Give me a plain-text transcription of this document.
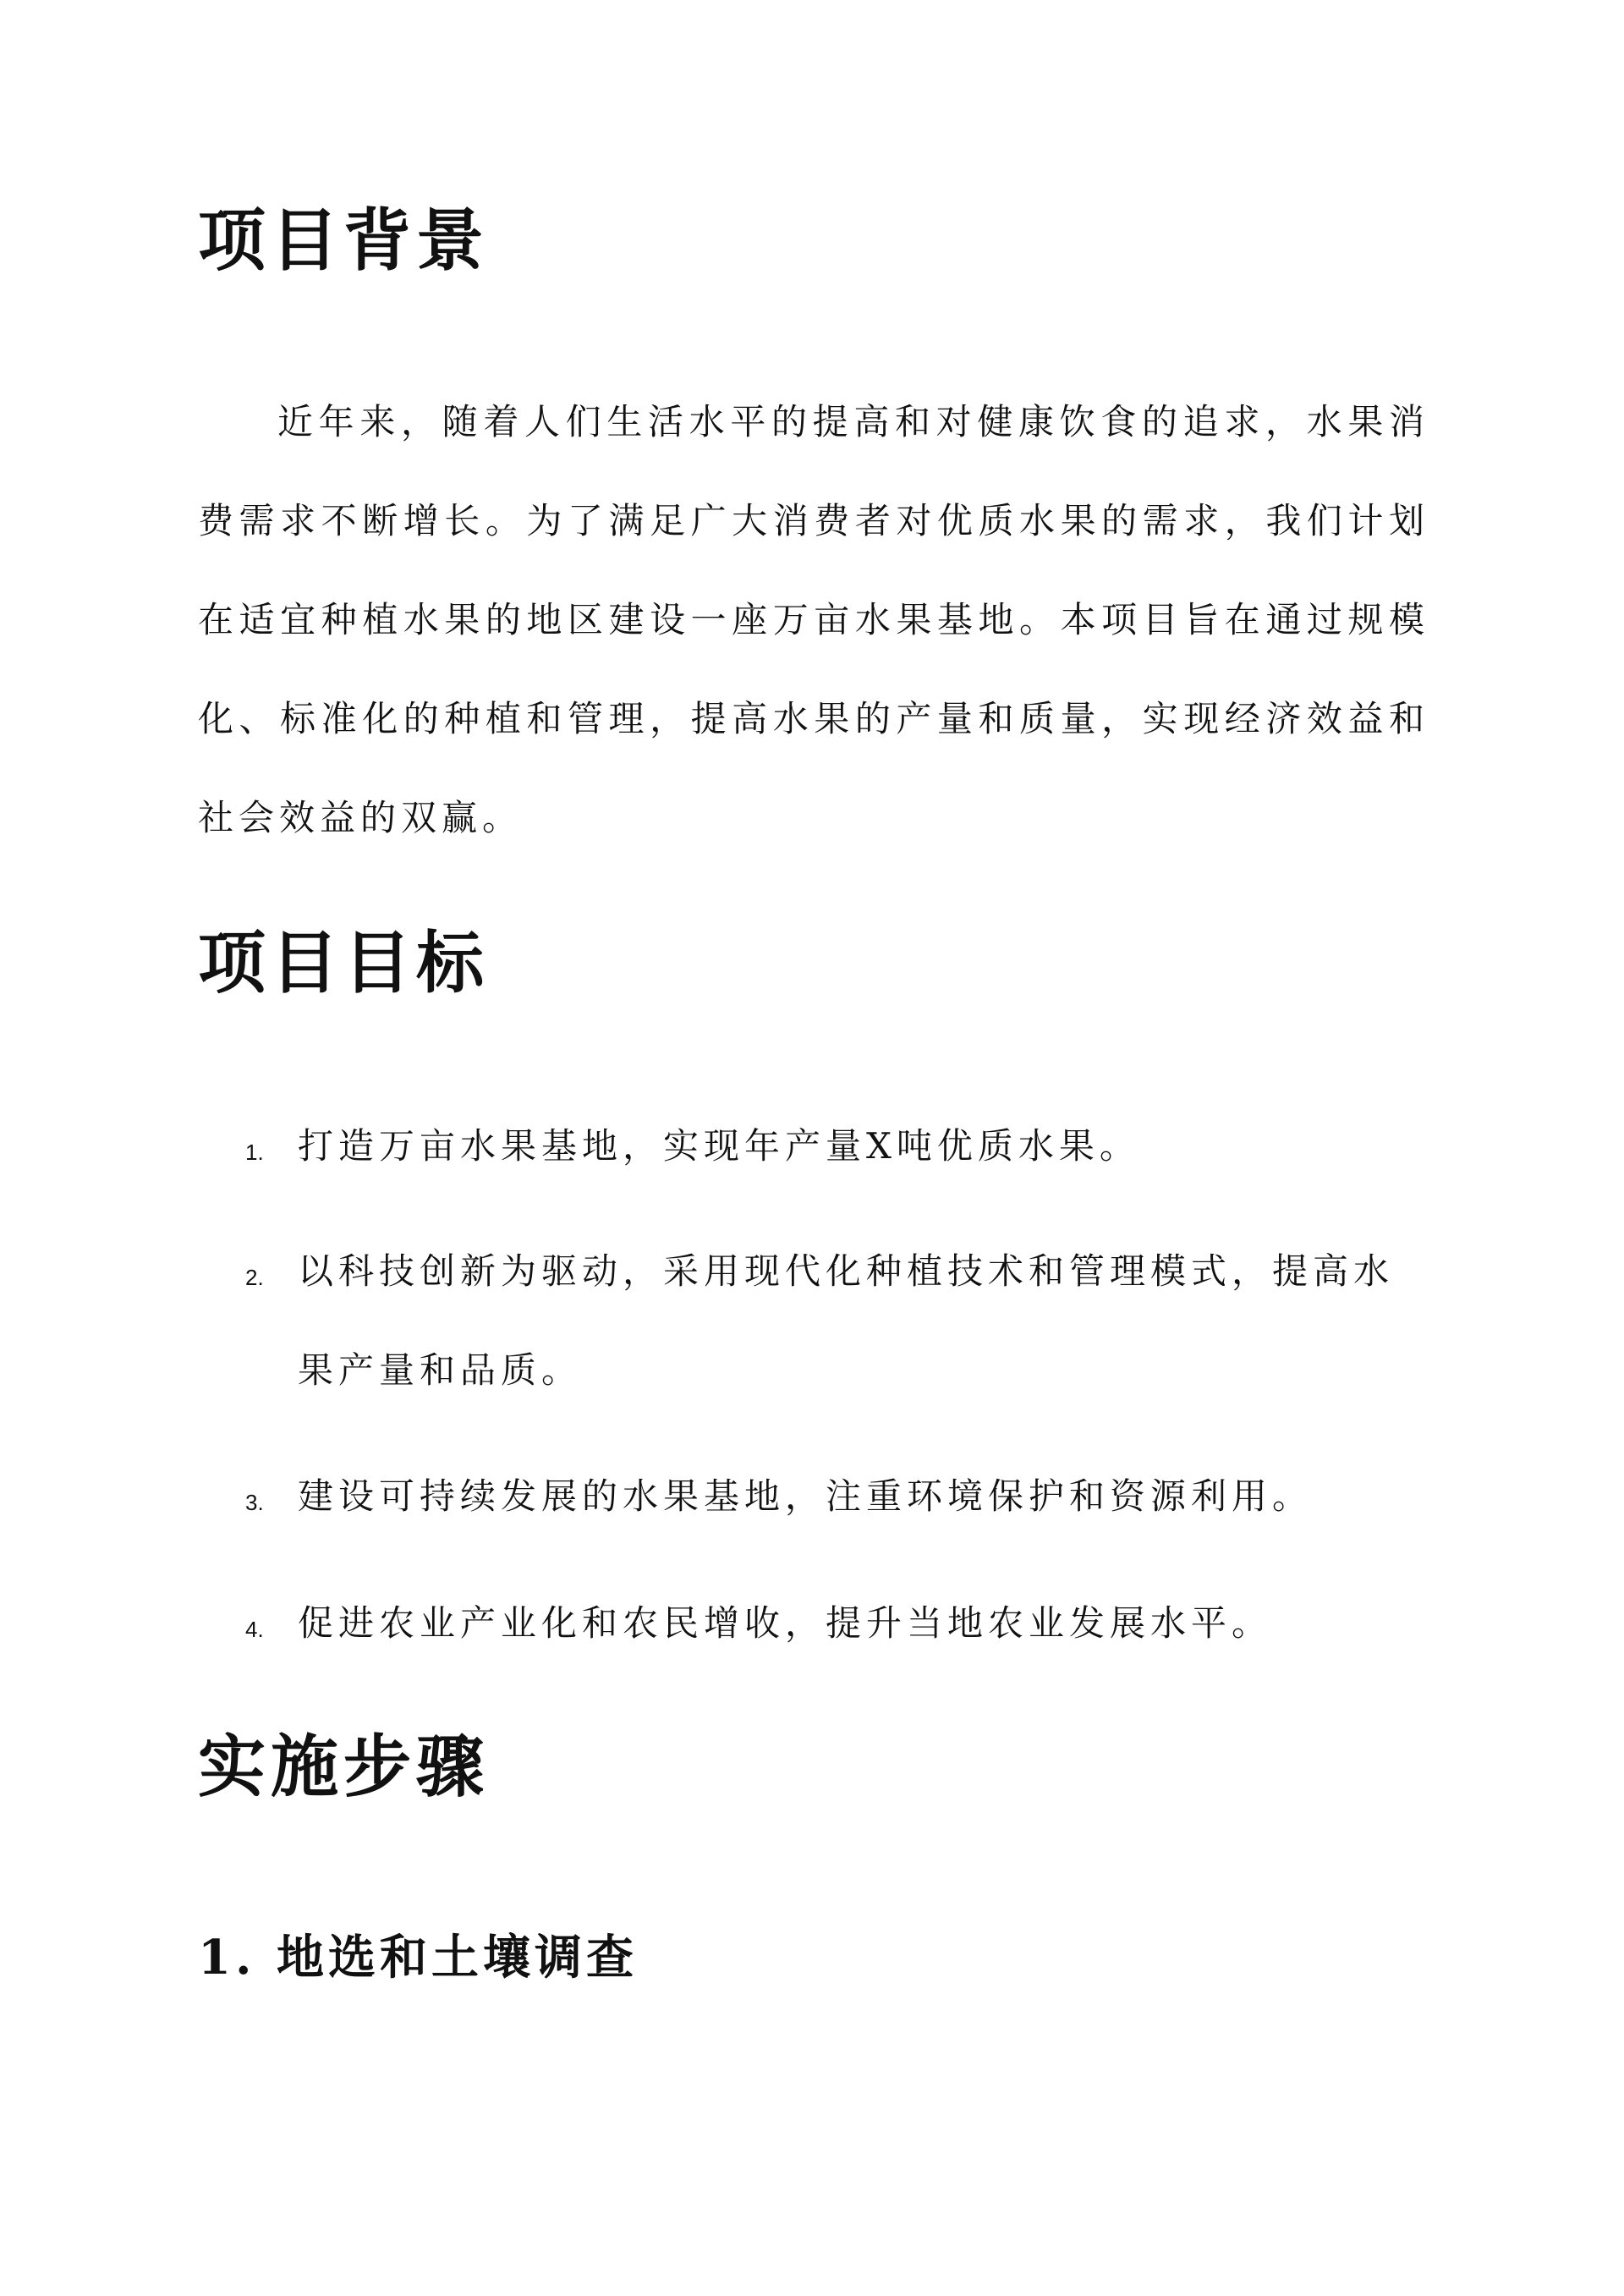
项目背景

近年来，随着人们生活水平的提高和对健康饮食的追求，水果消费需求不断增长。为了满足广大消费者对优质水果的需求，我们计划在适宜种植水果的地区建设一座万亩水果基地。本项目旨在通过规模化、标准化的种植和管理，提高水果的产量和质量，实现经济效益和社会效益的双赢。

项目目标
1. 打造万亩水果基地，实现年产量X吨优质水果。
2. 以科技创新为驱动，采用现代化种植技术和管理模式，提高水果产量和品质。
3. 建设可持续发展的水果基地，注重环境保护和资源利用。
4. 促进农业产业化和农民增收，提升当地农业发展水平。
实施步骤
1. 地选和土壤调查
